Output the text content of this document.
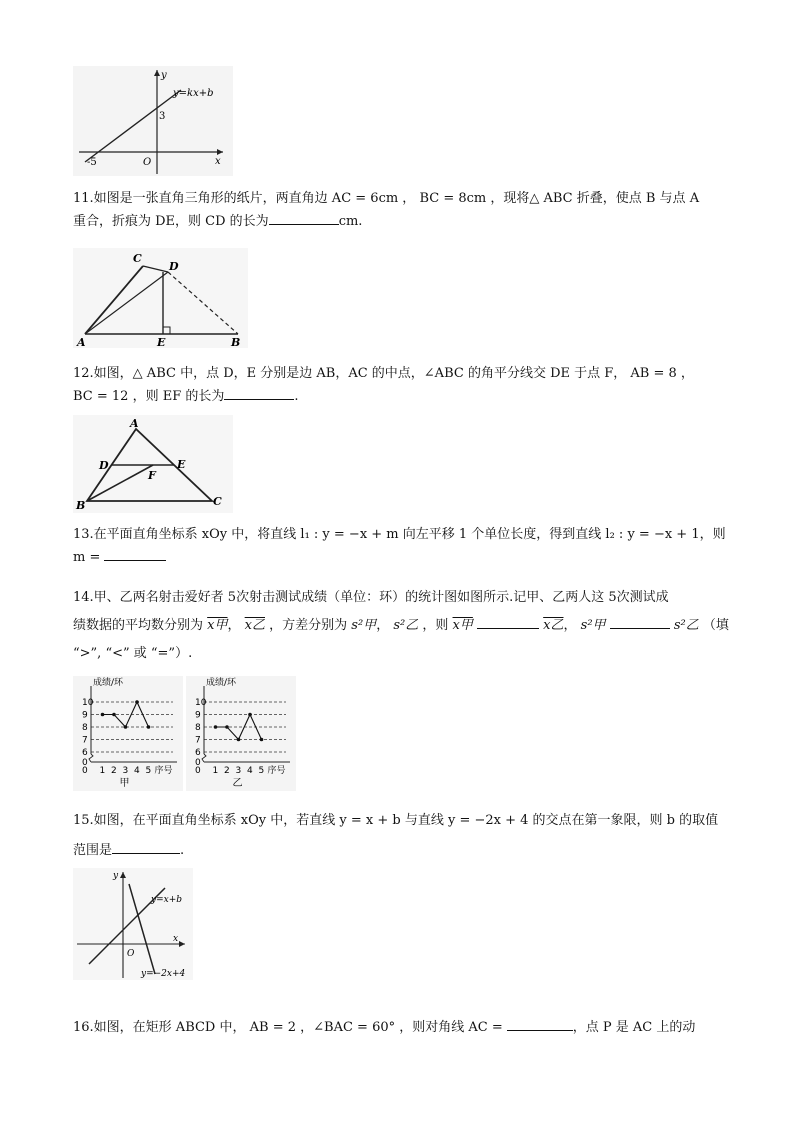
y
y=kx+b
3
-5	O	x
11.如图是一张直角三角形的纸片，两直角边 AC = 6cm ， BC = 8cm ，现将△ ABC 折叠，使点 B 与点 A
重合，折痕为 DE，则 CD 的长为	cm.
C
D
A	E	B
12.如图，△ ABC 中，点 D，E 分别是边 AB，AC 的中点，∠ABC 的角平分线交 DE 于点 F， AB = 8 ，
BC = 12 ，则 EF 的长为	.
A
D	E
F
B	C
13.在平面直角坐标系 xOy 中，将直线 l₁ : y = −x + m 向左平移 1 个单位长度，得到直线 l₂ : y = −x + 1，则
m =
14.甲、乙两名射击爱好者 5次射击测试成绩（单位：环）的统计图如图所示.记甲、乙两人这 5次测试成
绩数据的平均数分别为 x甲， x乙 ，方差分别为 s²甲， s²乙 ，则 x甲	x乙， s²甲	s²乙 （填
“>”, “<” 或 “=”）.
0
6
7
8
9
10
0 1 2 3 4 5
成绩/环
序号
甲
0
6
7
8
9
10
0 1 2 3 4 5
成绩/环
序号
乙
15.如图，在平面直角坐标系 xOy 中，若直线 y = x + b 与直线 y = −2x + 4 的交点在第一象限，则 b 的取值
范围是	.
y
y=x+b
O
x
y=−2x+4
16.如图，在矩形 ABCD 中， AB = 2 ，∠BAC = 60° ，则对角线 AC =	，点 P 是 AC 上的动
